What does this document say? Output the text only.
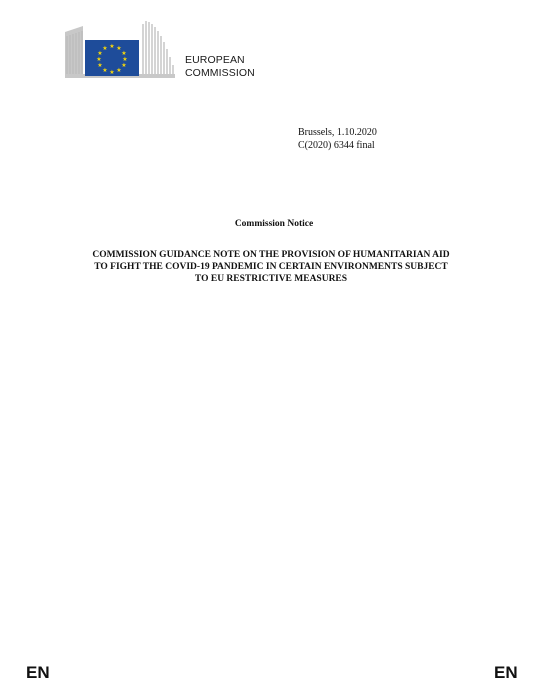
★ ★
★
★
★
★
★
★
★
★
★
★
EUROPEAN
COMMISSION
Brussels, 1.10.2020
C(2020) 6344 final
Commission Notice
COMMISSION GUIDANCE NOTE ON THE PROVISION OF HUMANITARIAN AID
TO FIGHT THE COVID-19 PANDEMIC IN CERTAIN ENVIRONMENTS SUBJECT
TO EU RESTRICTIVE MEASURES
EN	EN
